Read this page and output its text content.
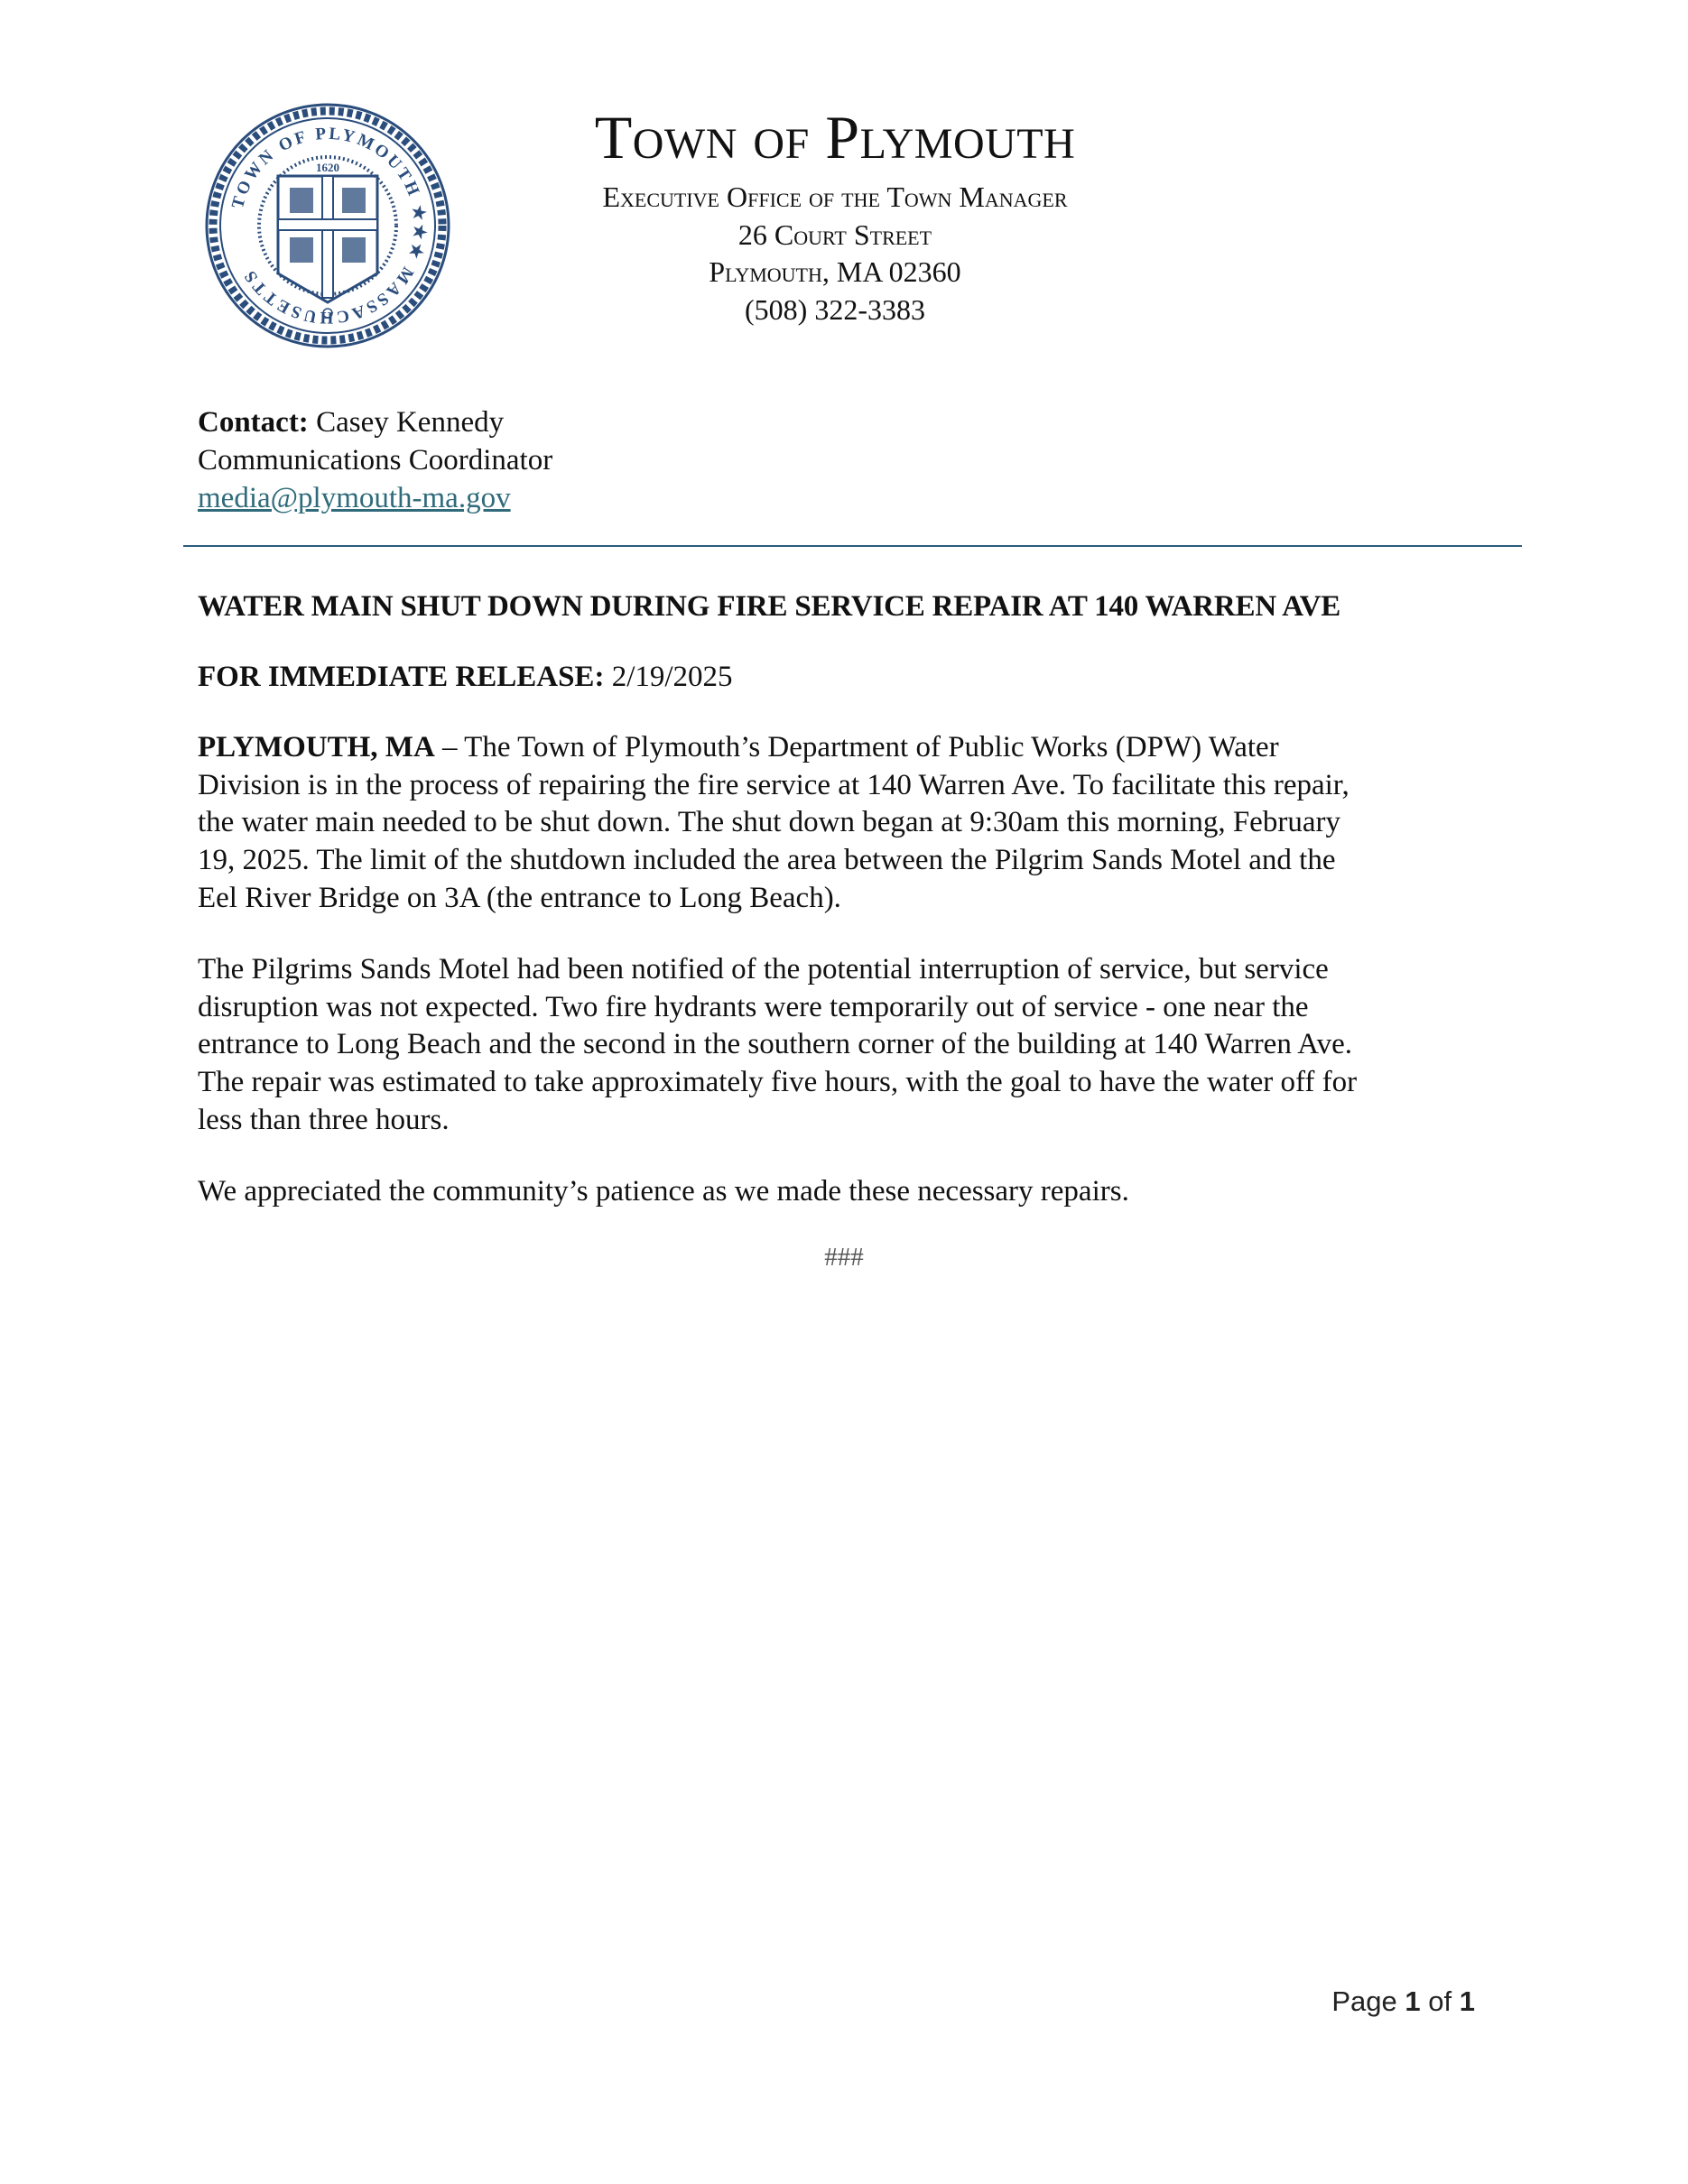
TOWN OF PLYMOUTH ★★★ MASSACHUSETTS
1620	Town of Plymouth
Executive Office of the Town Manager
26 Court Street
Plymouth, MA 02360
(508) 322-3383
Contact: Casey Kennedy
Communications Coordinator
media@plymouth-ma.gov
WATER MAIN SHUT DOWN DURING FIRE SERVICE REPAIR AT 140 WARREN AVE
FOR IMMEDIATE RELEASE: 2/19/2025
PLYMOUTH, MA – The Town of Plymouth’s Department of Public Works (DPW) Water
Division is in the process of repairing the fire service at 140 Warren Ave. To facilitate this repair,
the water main needed to be shut down. The shut down began at 9:30am this morning, February
19, 2025. The limit of the shutdown included the area between the Pilgrim Sands Motel and the
Eel River Bridge on 3A (the entrance to Long Beach).
The Pilgrims Sands Motel had been notified of the potential interruption of service, but service
disruption was not expected. Two fire hydrants were temporarily out of service - one near the
entrance to Long Beach and the second in the southern corner of the building at 140 Warren Ave.
The repair was estimated to take approximately five hours, with the goal to have the water off for
less than three hours.
We appreciated the community’s patience as we made these necessary repairs.
###
Page 1 of 1
